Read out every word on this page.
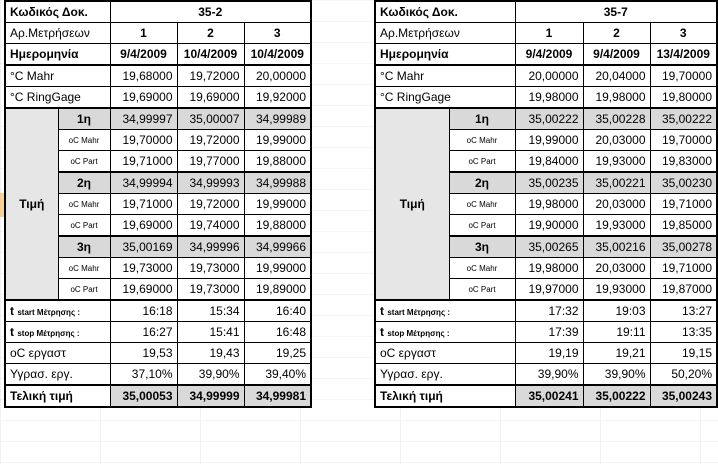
Κωδικός Δοκ.		35-2		
Αρ.Μετρήσεων		1	2	3
Ημερομηνία		9/4/2009	10/4/2009	10/4/2009
°C Mahr		19,68000	19,72000	20,00000
°C RingGage		19,69000	19,69000	19,92000
Τιμή	1η	34,99997	35,00007	34,99989
	oC Mahr	19,70000	19,72000	19,99000
	oC Part	19,71000	19,77000	19,88000
	2η	34,99994	34,99993	34,99988
	oC Mahr	19,71000	19,72000	19,99000
	oC Part	19,69000	19,74000	19,88000
	3η	35,00169	34,99996	34,99966
	oC Mahr	19,73000	19,73000	19,99000
	oC Part	19,69000	19,73000	19,89000
t start Μέτρησης :		16:18	15:34	16:40
t stop Μέτρησης :		16:27	15:41	16:48
oC εργαστ		19,53	19,43	19,25
Υγρασ. εργ.		37,10%	39,90%	39,40%
Τελική τιμή		35,00053	34,99999	34,99981
Κωδικός Δοκ.		35-7		
Αρ.Μετρήσεων		1	2	3
Ημερομηνία		9/4/2009	9/4/2009	13/4/2009
°C Mahr		20,00000	20,04000	19,70000
°C RingGage		19,98000	19,98000	19,80000
Τιμή	1η	35,00222	35,00228	35,00222
	oC Mahr	19,99000	20,03000	19,70000
	oC Part	19,84000	19,93000	19,83000
	2η	35,00235	35,00221	35,00230
	oC Mahr	19,98000	20,03000	19,71000
	oC Part	19,90000	19,93000	19,85000
	3η	35,00265	35,00216	35,00278
	oC Mahr	19,98000	20,03000	19,71000
	oC Part	19,97000	19,93000	19,87000
t start Μέτρησης :		17:32	19:03	13:27
t stop Μέτρησης :		17:39	19:11	13:35
oC εργαστ		19,19	19,21	19,15
Υγρασ. εργ.		39,90%	39,90%	50,20%
Τελική τιμή		35,00241	35,00222	35,00243
